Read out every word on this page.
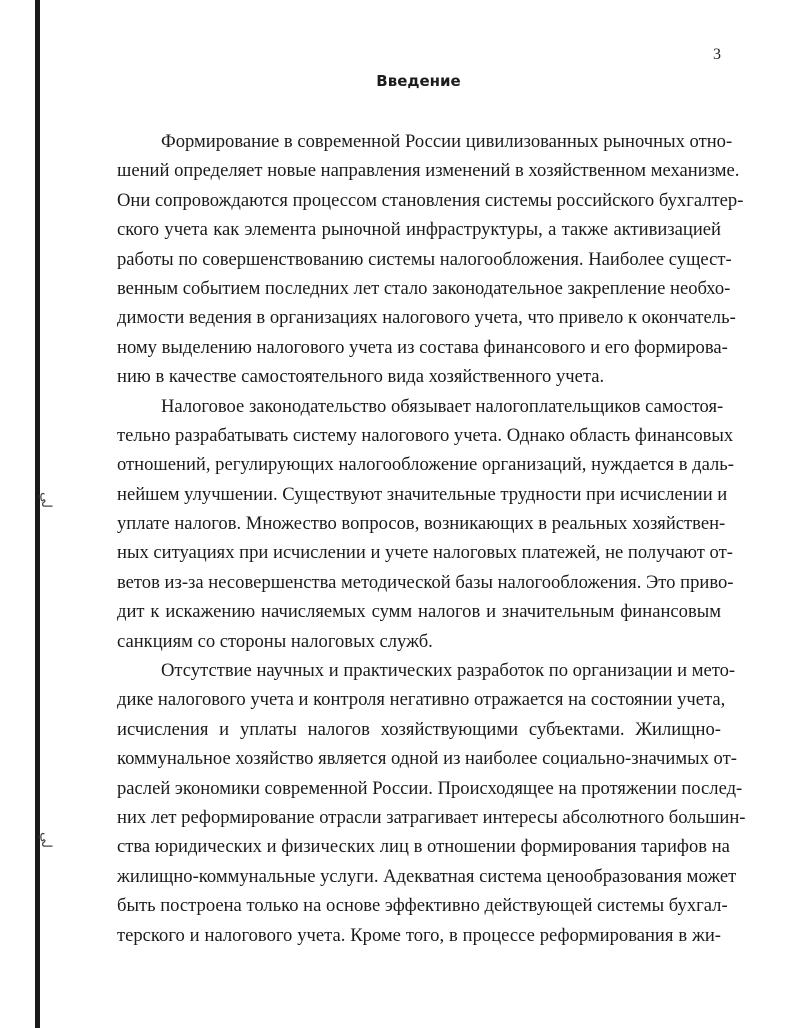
3
Введение
ﻟﻲ
ﻟﻲ
Формирование в современной России цивилизованных рыночных отно-
шений определяет новые направления изменений в хозяйственном механизме.
Они сопровождаются процессом становления системы российского бухгалтер-
ского учета как элемента рыночной инфраструктуры, а также активизацией
работы по совершенствованию системы налогообложения. Наиболее сущест-
венным событием последних лет стало законодательное закрепление необхо-
димости ведения в организациях налогового учета, что привело к окончатель-
ному выделению налогового учета из состава финансового и его формирова-
нию в качестве самостоятельного вида хозяйственного учета.
Налоговое законодательство обязывает налогоплательщиков самостоя-
тельно разрабатывать систему налогового учета. Однако область финансовых
отношений, регулирующих налогообложение организаций, нуждается в даль-
нейшем улучшении. Существуют значительные трудности при исчислении и
уплате налогов. Множество вопросов, возникающих в реальных хозяйствен-
ных ситуациях при исчислении и учете налоговых платежей, не получают от-
ветов из-за несовершенства методической базы налогообложения. Это приво-
дит к искажению начисляемых сумм налогов и значительным финансовым
санкциям со стороны налоговых служб.
Отсутствие научных и практических разработок по организации и мето-
дике налогового учета и контроля негативно отражается на состоянии учета,
исчисления и уплаты налогов хозяйствующими субъектами. Жилищно-
коммунальное хозяйство является одной из наиболее социально-значимых от-
раслей экономики современной России. Происходящее на протяжении послед-
них лет реформирование отрасли затрагивает интересы абсолютного большин-
ства юридических и физических лиц в отношении формирования тарифов на
жилищно-коммунальные услуги. Адекватная система ценообразования может
быть построена только на основе эффективно действующей системы бухгал-
терского и налогового учета. Кроме того, в процессе реформирования в жи-
